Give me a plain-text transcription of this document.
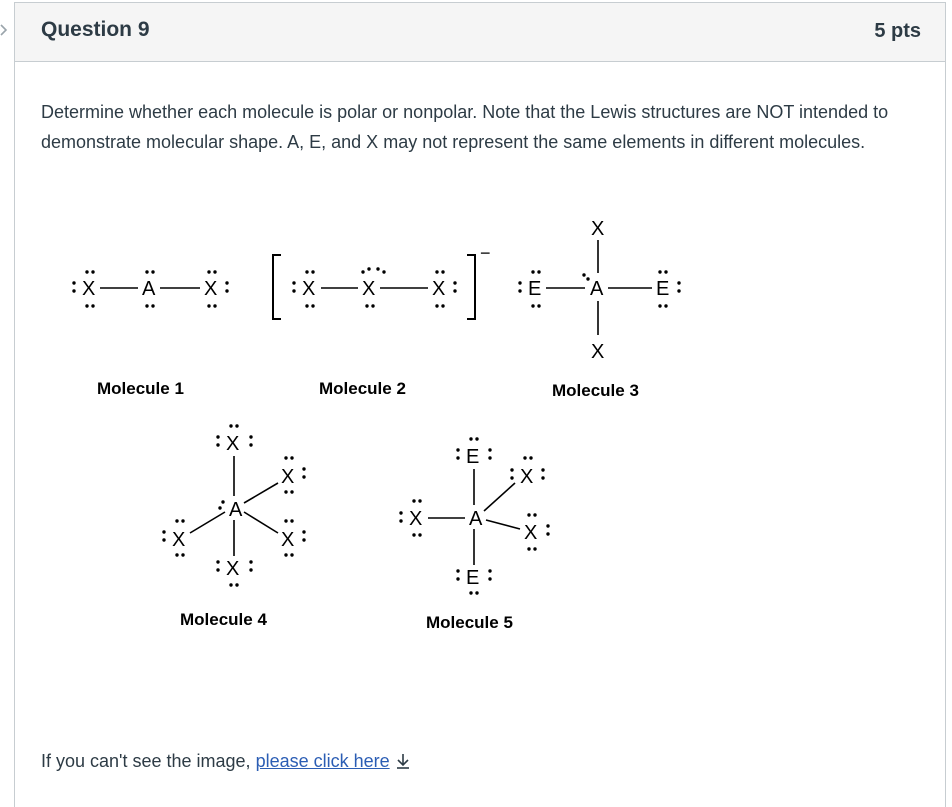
Question 9	5 pts
Determine whether each molecule is polar or nonpolar. Note that the Lewis structures are NOT intended to demonstrate molecular shape. A, E, and X may not represent the same elements in different molecules.
X A X
Molecule 1
−
X X	X
Molecule 2
E A	E
X
X
Molecule 3
X
A
X
X
X
X
Molecule 4
E
A
X
X
X
E
Molecule 5
If you can't see the image, please click here
